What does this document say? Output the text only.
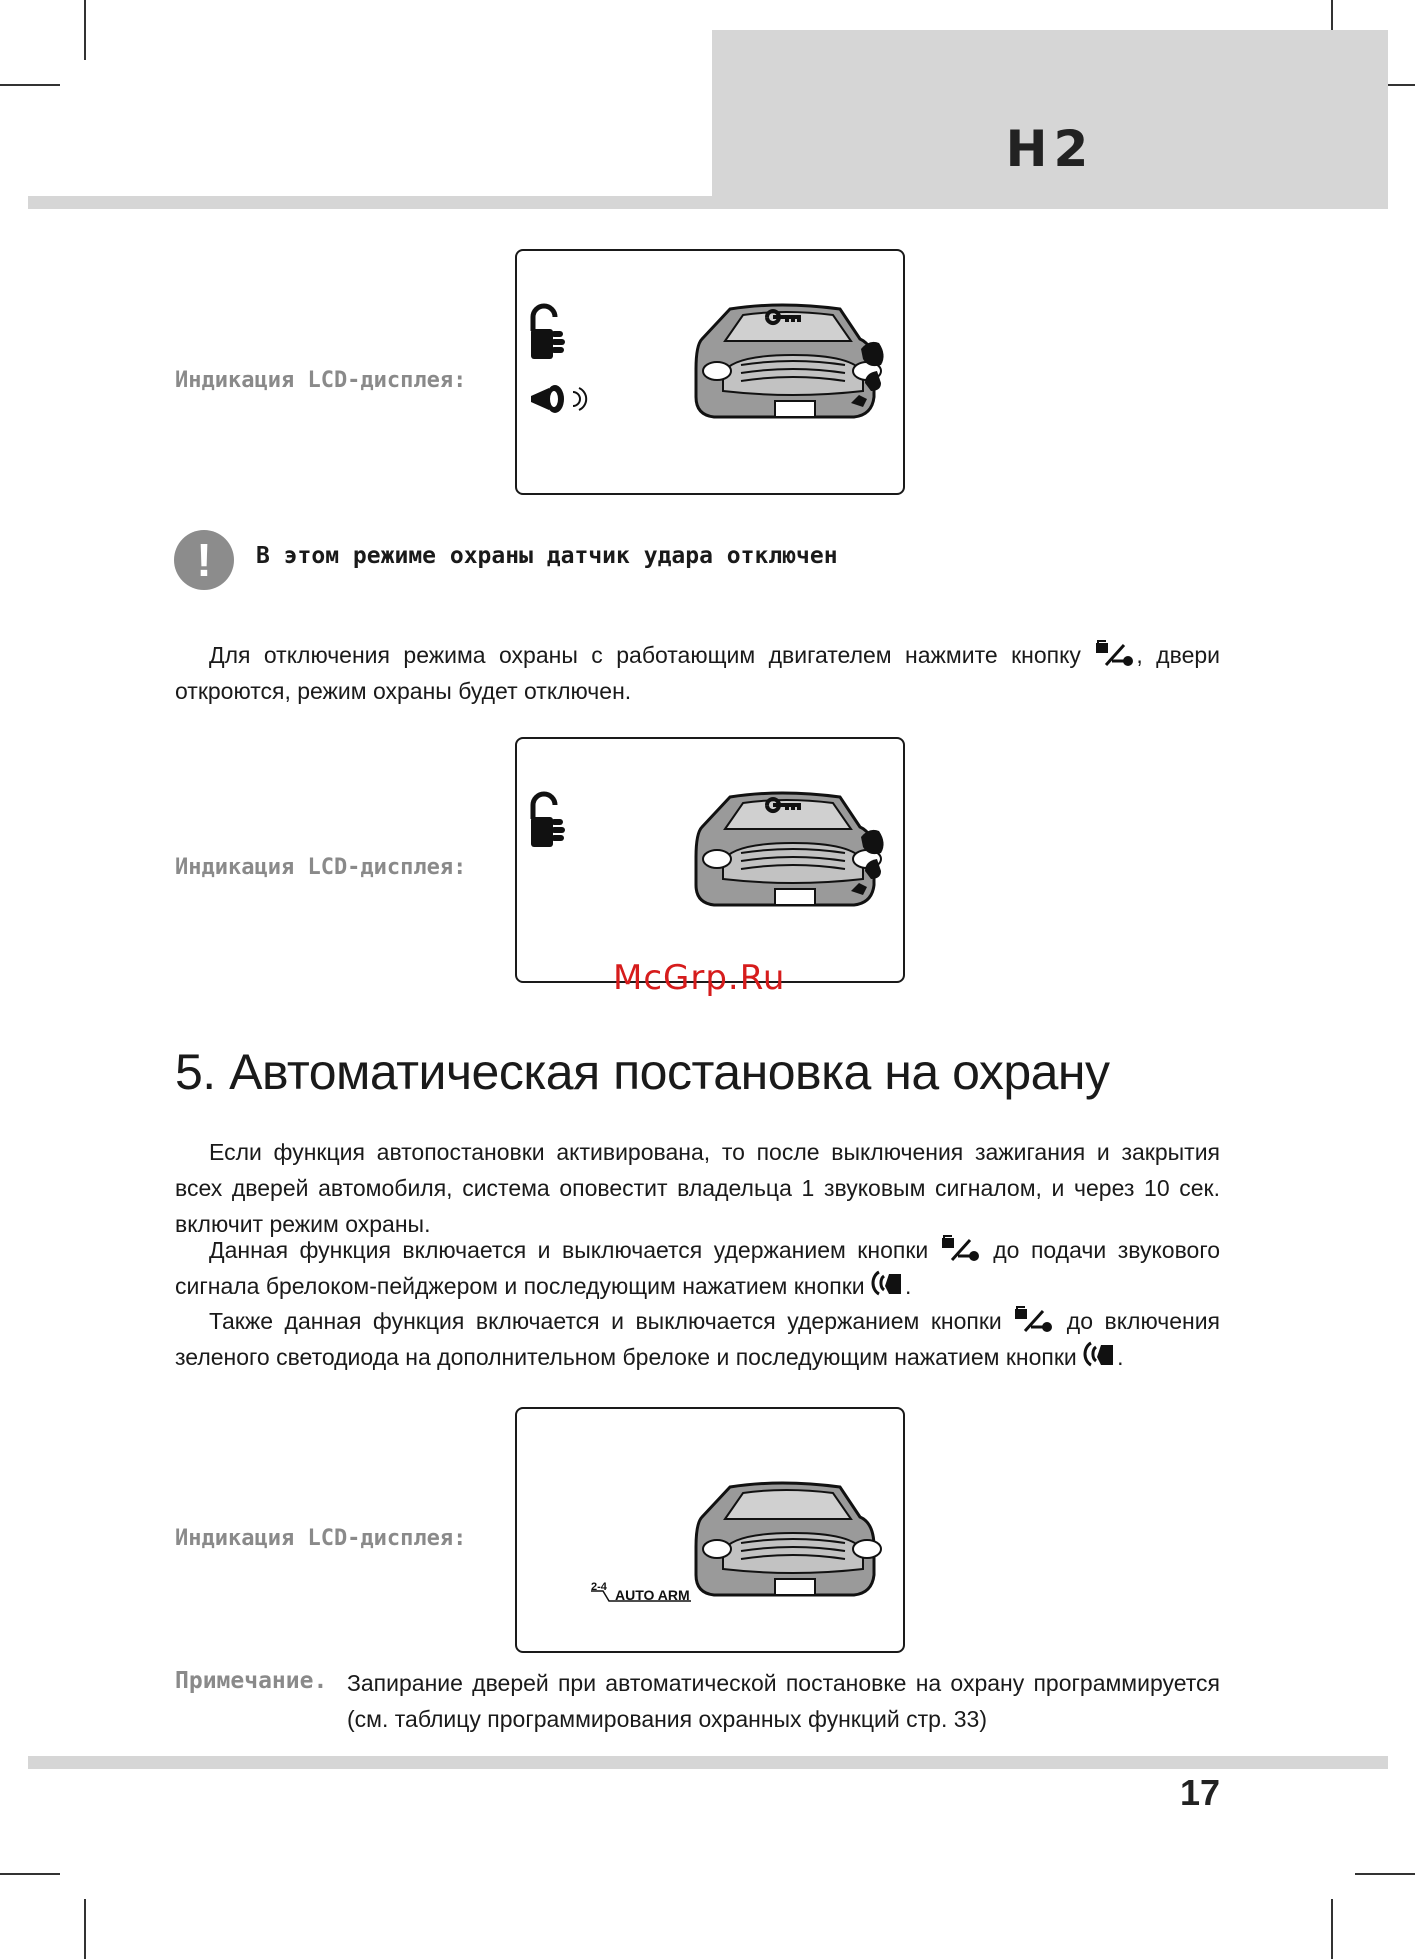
H2
Индикация LCD-дисплея:
!	В этом режиме охраны датчик удара отключен
Для отключения режима охраны с работающим двигателем нажмите кнопку , двери откроются, режим охраны будет отключен.
Индикация LCD-дисплея:
McGrp.Ru
5. Автоматическая постановка на охрану
Если функция автопостановки активирована, то после выключения зажигания и закрытия всех дверей автомобиля, система оповестит владельца 1 звуковым сигналом, и через 10 сек. включит режим охраны.
Данная функция включается и выключается удержанием кнопки	до подачи звукового сигнала брелоком-пейджером и последующим нажатием кнопки .
Также данная функция включается и выключается удержанием кнопки	до включения зеленого светодиода на дополнительном брелоке и последующим нажатием кнопки .
Индикация LCD-дисплея:
2-4 AUTO ARM
Примечание. Запирание дверей при автоматической постановке на охрану программируется (см. таблицу программирования охранных функций стр. 33)
17
